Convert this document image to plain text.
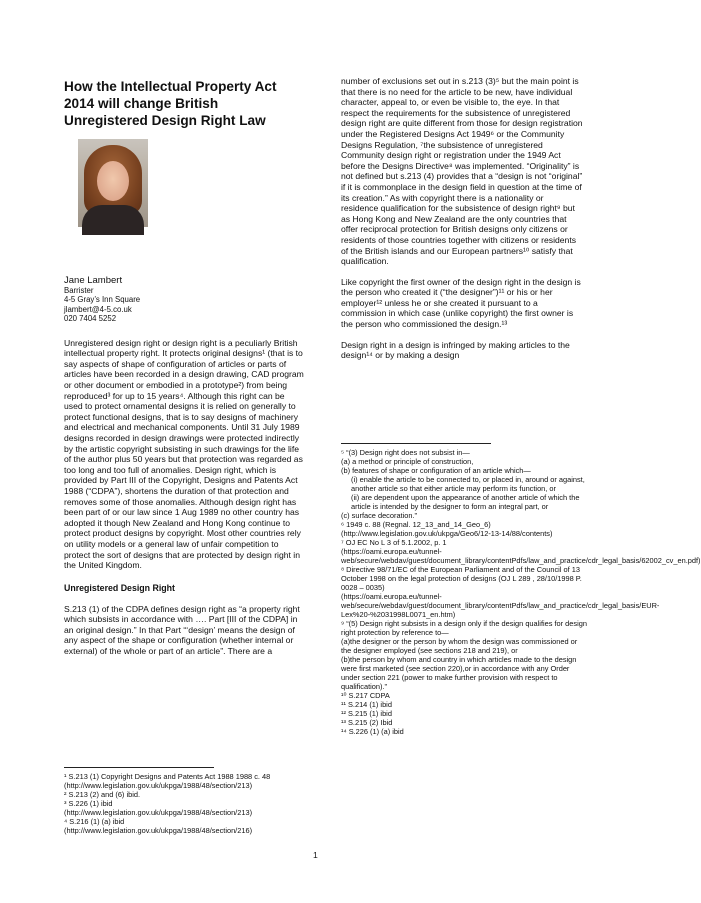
How the Intellectual Property Act 2014 will change British Unregistered Design Right Law

Jane Lambert

Barrister

4-5 Gray’s Inn Square

jlambert@4-5.co.uk

020 7404 5252

Unregistered design right or design right is a peculiarly British intellectual property right. It protects original designs¹ (that is to say aspects of shape of configuration of articles or parts of articles have been recorded in a design drawing, CAD program or other document or embodied in a prototype²) from being reproduced³ for up to 15 years⁴. Although this right can be used to protect ornamental designs it is relied on generally to protect functional designs, that is to say designs of machinery and electrical and mechanical components. Until 31 July 1989 designs recorded in design drawings were protected indirectly by the artistic copyright subsisting in such drawings for the life of the author plus 50 years but that protection was regarded as too long and too full of anomalies. Design right, which is provided by Part III of the Copyright, Designs and Patents Act 1988 (“CDPA”), shortens the duration of that protection and removes some of those anomalies. Although design right has been part of or our law since 1 Aug 1989 no other country has adopted it though New Zealand and Hong Kong continue to protect product designs by copyright. Most other countries rely on utility models or a general law of unfair competition to protect the sort of designs that are protected by design right in the United Kingdom.

Unregistered Design Right

S.213 (1) of the CDPA defines design right as “a property right which subsists in accordance with …. Part [III of the CDPA] in an original design.” In that Part “‘design’ means the design of any aspect of the shape or configuration (whether internal or external) of the whole or part of an article”. There are a

¹ S.213 (1) Copyright Designs and Patents Act 1988 1988 c. 48

(http://www.legislation.gov.uk/ukpga/1988/48/section/213)

² S.213 (2) and (6) ibid.

³ S.226 (1) ibid

(http://www.legislation.gov.uk/ukpga/1988/48/section/213)

⁴ S.216 (1) (a) ibid

(http://www.legislation.gov.uk/ukpga/1988/48/section/216)

number of exclusions set out in s.213 (3)⁵ but the main point is that there is no need for the article to be new, have individual character, appeal to, or even be visible to, the eye. In that respect the requirements for the subsistence of unregistered design right are quite different from those for design registration under the Registered Designs Act 1949⁶ or the Community Designs Regulation, ⁷the subsistence of unregistered Community design right or registration under the 1949 Act before the Designs Directive⁸ was implemented. “Originality” is not defined but s.213 (4) provides that a “design is not “original” if it is commonplace in the design field in question at the time of its creation.” As with copyright there is a nationality or residence qualification for the subsistence of design right⁹ but as Hong Kong and New Zealand are the only countries that offer reciprocal protection for British designs only citizens or residents of those countries together with citizens or residents of the British islands and our European partners¹⁰ satisfy that qualification.

Like copyright the first owner of the design right in the design is the person who created it (“the designer”)¹¹ or his or her employer¹² unless he or she created it pursuant to a commission in which case (unlike copyright) the first owner is the person who commissioned the design.¹³

Design right in a design is infringed by making articles to the design¹⁴ or by making a design

⁵ “(3) Design right does not subsist in—

(a) a method or principle of construction,

(b) features of shape or configuration of an article which—

(i) enable the article to be connected to, or placed in, around or against, another article so that either article may perform its function, or

(ii) are dependent upon the appearance of another article of which the article is intended by the designer to form an integral part, or

(c) surface decoration.”

⁶ 1949 c. 88 (Regnal. 12_13_and_14_Geo_6)

(http://www.legislation.gov.uk/ukpga/Geo6/12-13-14/88/contents)

⁷ OJ EC No L 3 of 5.1.2002, p. 1

(https://oami.europa.eu/tunnel-web/secure/webdav/guest/document_library/contentPdfs/law_and_practice/cdr_legal_basis/62002_cv_en.pdf)

⁸ Directive 98/71/EC of the European Parliament and of the Council of 13 October 1998 on the legal protection of designs (OJ L 289 , 28/10/1998 P. 0028 – 0035)

(https://oami.europa.eu/tunnel-web/secure/webdav/guest/document_library/contentPdfs/law_and_practice/cdr_legal_basis/EUR-Lex%20-%2031998L0071_en.htm)

⁹ “(5) Design right subsists in a design only if the design qualifies for design right protection by reference to—

(a)the designer or the person by whom the design was commissioned or the designer employed (see sections 218 and 219), or

(b)the person by whom and country in which articles made to the design were first marketed (see section 220),or in accordance with any Order under section 221 (power to make further provision with respect to qualification).”

¹⁰ S.217 CDPA

¹¹ S.214 (1) ibid

¹² S.215 (1) ibid

¹³ S.215 (2) Ibid

¹⁴ S.226 (1) (a) ibid

1
